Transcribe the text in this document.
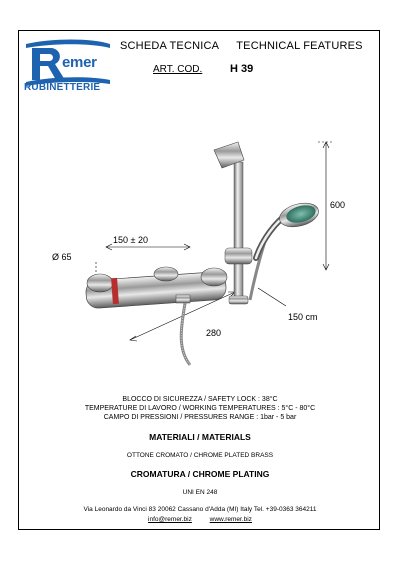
emer
RUBINETTERIE
SCHEDA TECNICA TECHNICAL FEATURES
ART. COD.	H 39
Ø 65
150 ± 20
280
600
150 cm
BLOCCO DI SICUREZZA / SAFETY LOCK : 38°C
TEMPERATURE DI LAVORO / WORKING TEMPERATURES : 5°C - 80°C
CAMPO DI PRESSIONI / PRESSURES RANGE : 1bar - 5 bar
MATERIALI / MATERIALS
OTTONE CROMATO / CHROME PLATED BRASS
CROMATURA / CHROME PLATING
UNI EN 248
Via Leonardo da Vinci 83 20062 Cassano d'Adda (MI) Italy Tel. +39-0363 364211
info@remer.biz	www.remer.biz
